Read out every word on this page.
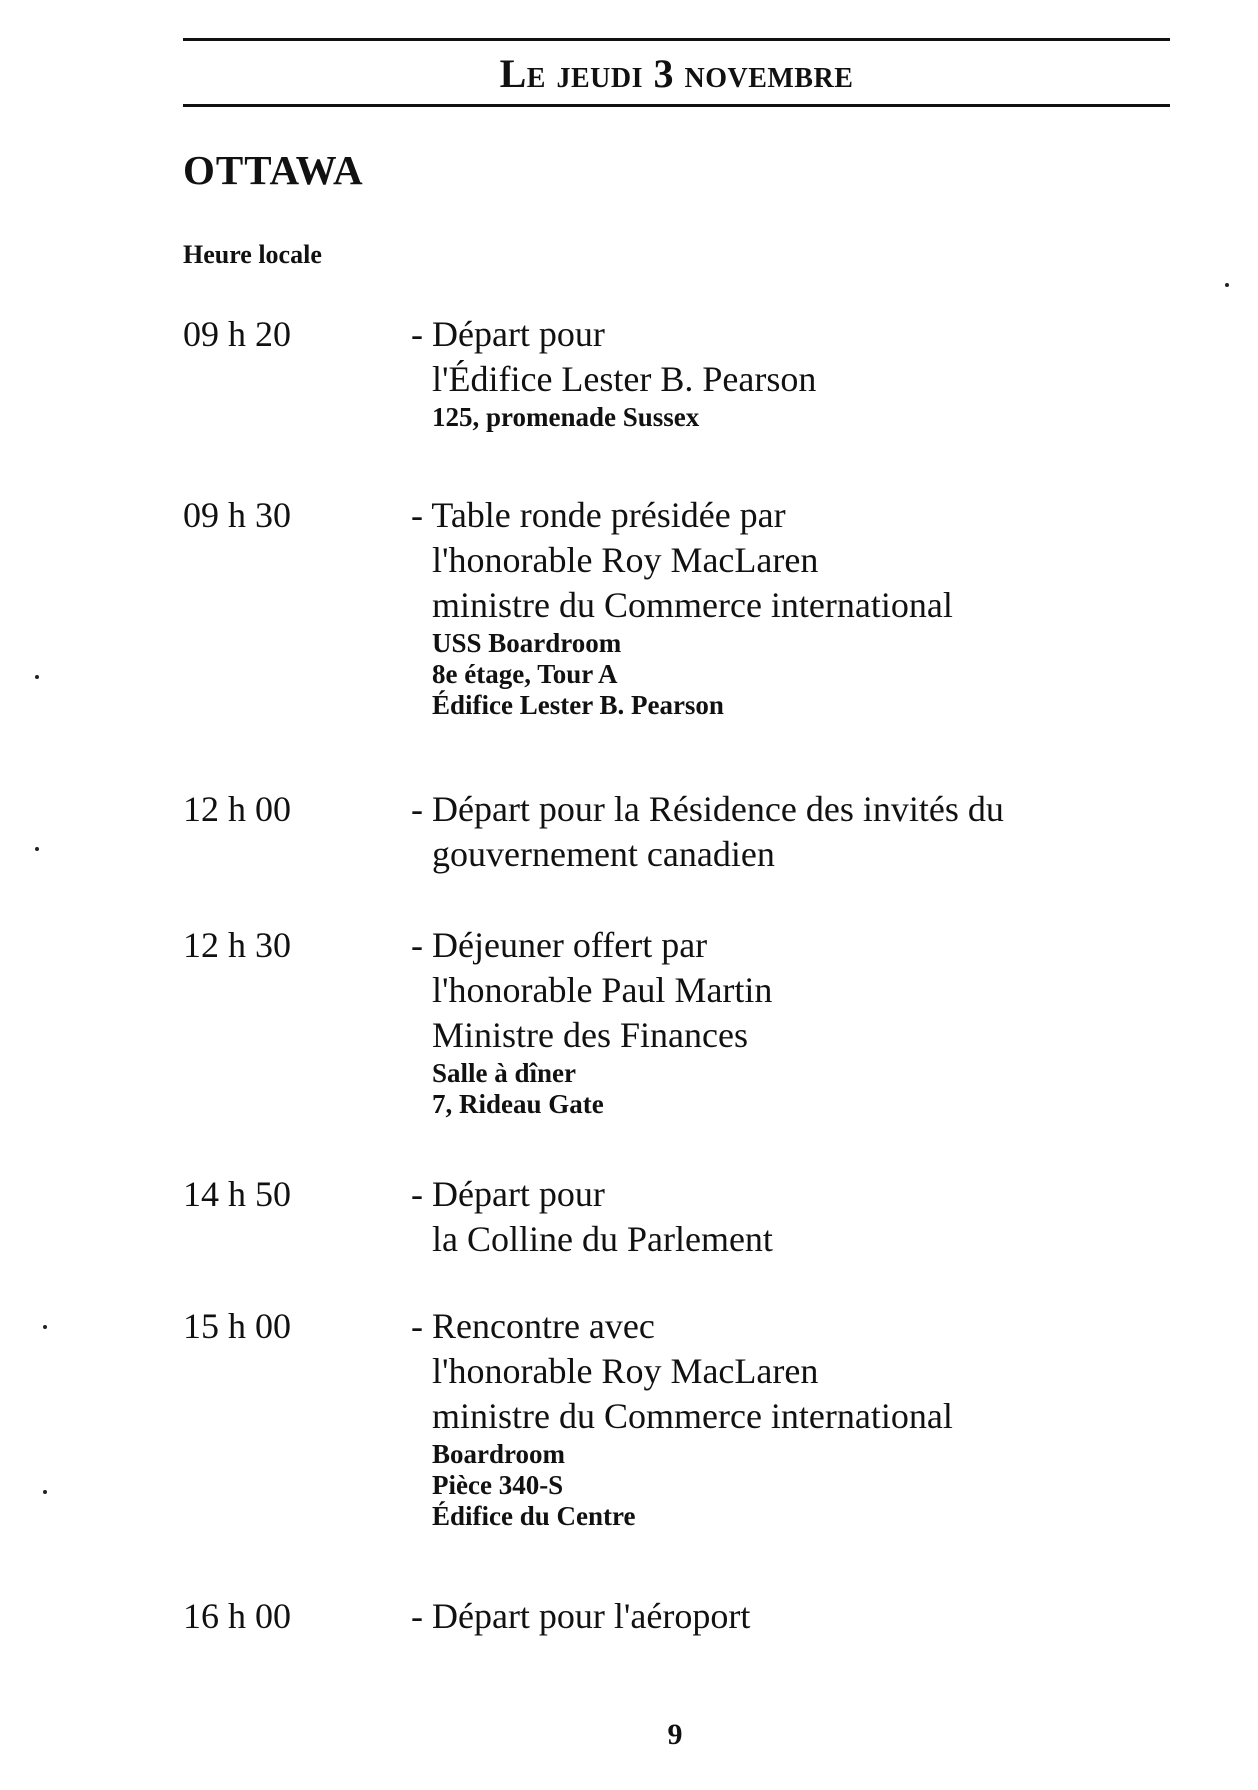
Le jeudi 3 novembre
OTTAWA
Heure locale
09 h 20	- Départ pour
l'Édifice Lester B. Pearson
125, promenade Sussex
09 h 30	- Table ronde présidée par
l'honorable Roy MacLaren
ministre du Commerce international
USS Boardroom
8e étage, Tour A
Édifice Lester B. Pearson
12 h 00	- Départ pour la Résidence des invités du
gouvernement canadien
12 h 30	- Déjeuner offert par
l'honorable Paul Martin
Ministre des Finances
Salle à dîner
7, Rideau Gate
14 h 50	- Départ pour
la Colline du Parlement
15 h 00	- Rencontre avec
l'honorable Roy MacLaren
ministre du Commerce international
Boardroom
Pièce 340-S
Édifice du Centre
16 h 00	- Départ pour l'aéroport
9
